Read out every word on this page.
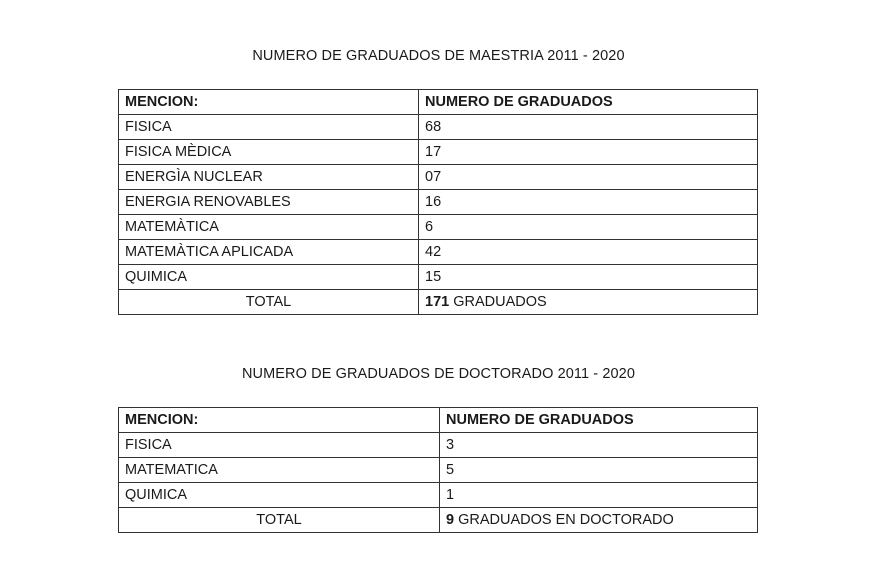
NUMERO DE GRADUADOS DE MAESTRIA 2011 - 2020
MENCION:	NUMERO DE GRADUADOS
FISICA	68
FISICA MÈDICA	17
ENERGÌA NUCLEAR	07
ENERGIA RENOVABLES	16
MATEMÀTICA	6
MATEMÀTICA APLICADA	42
QUIMICA	15
TOTAL	171 GRADUADOS
NUMERO DE GRADUADOS DE DOCTORADO 2011 - 2020
MENCION:	NUMERO DE GRADUADOS
FISICA	3
MATEMATICA	5
QUIMICA	1
TOTAL	9 GRADUADOS EN DOCTORADO
